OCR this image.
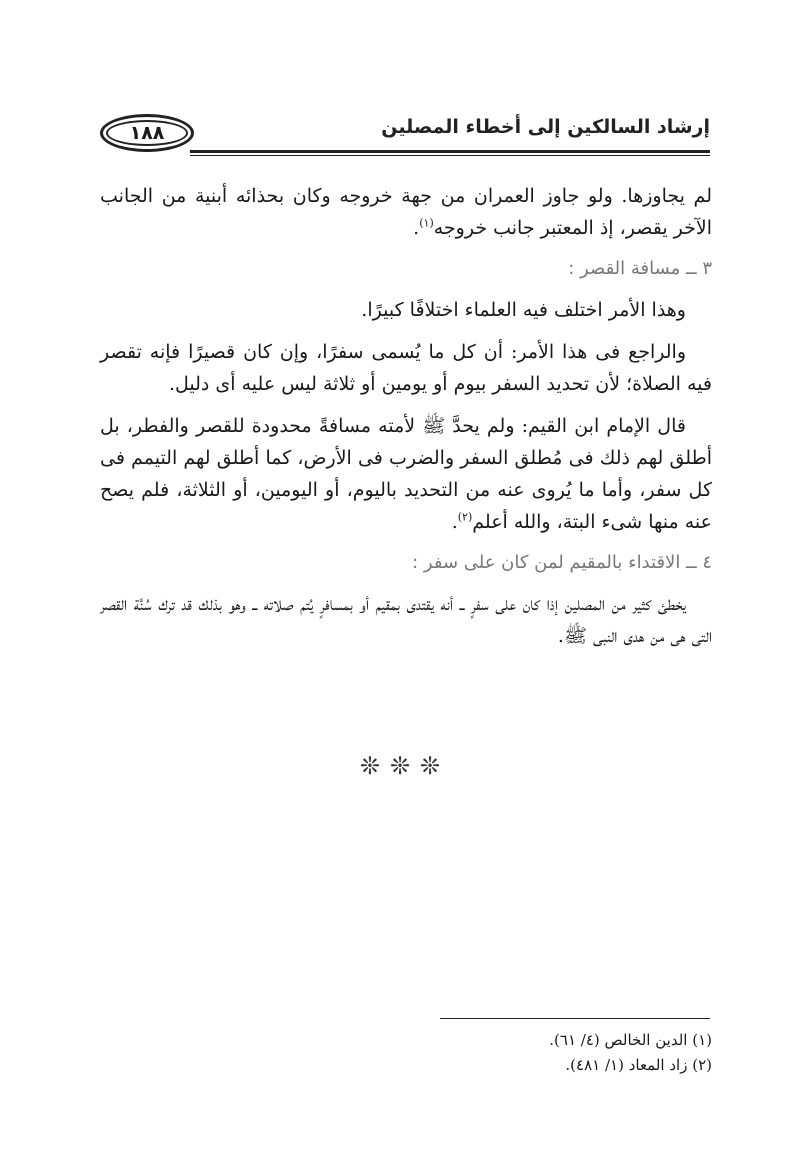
إرشاد السالكين إلى أخطاء المصلين
١٨٨

لم يجاوزها. ولو جاوز العمران من جهة خروجه وكان بحذائه أبنية من الجانب الآخر يقصر، إذ المعتبر جانب خروجه$^{(١)}$.

٣ ــ مسافة القصر :

وهذا الأمر اختلف فيه العلماء اختلافًا كبيرًا.

والراجع فى هذا الأمر: أن كل ما يُسمى سفرًا، وإن كان قصيرًا فإنه تقصر فيه الصلاة؛ لأن تحديد السفر بيوم أو يومين أو ثلاثة ليس عليه أى دليل.

قال الإمام ابن القيم: ولم يحدَّ ﷺ لأمته مسافةً محدودة للقصر والفطر، بل أطلق لهم ذلك فى مُطلق السفر والضرب فى الأرض، كما أطلق لهم التيمم فى كل سفر، وأما ما يُروى عنه من التحديد باليوم، أو اليومين، أو الثلاثة، فلم يصح عنه منها شىء البتة، والله أعلم$^{(٢)}$.

٤ ــ الاقتداء بالمقيم لمن كان على سفر :

يخطئ كثير من المصلين إذا كان على سفرٍ ــ أنه يقتدى بمقيم أو بمسافرٍ يُتم صلاته ــ وهو بذلك قد ترك سُنَّة القصر التى هى من هدى النبى ﷺ.

❊❊❊
(١) الدين الخالص (٤/ ٦١).
(٢) زاد المعاد (١/ ٤٨١).
